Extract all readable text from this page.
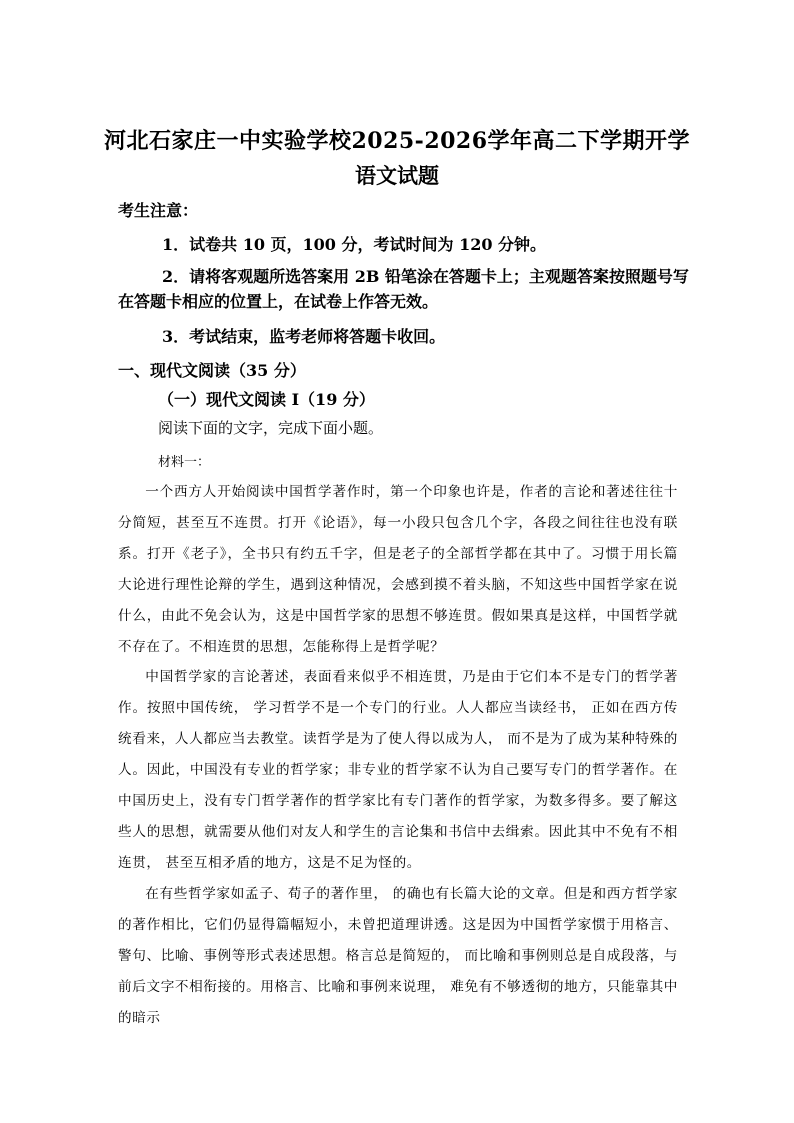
河北石家庄一中实验学校2025-2026学年高二下学期开学
语文试题
考生注意：
1．试卷共 10 页，100 分，考试时间为 120 分钟。
2．请将客观题所选答案用 2B 铅笔涂在答题卡上；主观题答案按照题号写
在答题卡相应的位置上，在试卷上作答无效。
3．考试结束，监考老师将答题卡收回。
一、现代文阅读（35 分）
（一）现代文阅读 I（19 分）
阅读下面的文字，完成下面小题。
材料一：

一个西方人开始阅读中国哲学著作时，第一个印象也许是，作者的言论和著述往往十分简短，甚至互不连贯。打开《论语》，每一小段只包含几个字，各段之间往往也没有联系。打开《老子》，全书只有约五千字，但是老子的全部哲学都在其中了。习惯于用长篇大论进行理性论辩的学生，遇到这种情况，会感到摸不着头脑，不知这些中国哲学家在说什么，由此不免会认为，这是中国哲学家的思想不够连贯。假如果真是这样，中国哲学就不存在了。不相连贯的思想，怎能称得上是哲学呢？

中国哲学家的言论著述，表面看来似乎不相连贯，乃是由于它们本不是专门的哲学著作。按照中国传统， 学习哲学不是一个专门的行业。人人都应当读经书， 正如在西方传统看来，人人都应当去教堂。读哲学是为了使人得以成为人， 而不是为了成为某种特殊的人。因此，中国没有专业的哲学家；非专业的哲学家不认为自己要写专门的哲学著作。在中国历史上，没有专门哲学著作的哲学家比有专门著作的哲学家，为数多得多。要了解这些人的思想，就需要从他们对友人和学生的言论集和书信中去缉索。因此其中不免有不相连贯， 甚至互相矛盾的地方，这是不足为怪的。

在有些哲学家如孟子、荀子的著作里， 的确也有长篇大论的文章。但是和西方哲学家的著作相比，它们仍显得篇幅短小，未曾把道理讲透。这是因为中国哲学家惯于用格言、警句、比喻、事例等形式表述思想。格言总是简短的， 而比喻和事例则总是自成段落，与前后文字不相衔接的。用格言、比喻和事例来说理， 难免有不够透彻的地方，只能靠其中的暗示
